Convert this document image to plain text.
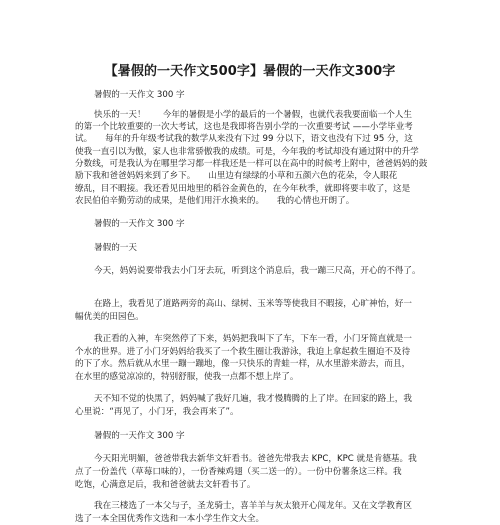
【暑假的一天作文500字】暑假的一天作文300字
暑假的一天作文 300 字
快乐的一天！　　今年的暑假是小学的最后的一个暑假，也就代表我要面临一个人生
的第一个比较重要的一次大考试，这也是我即将告别小学的一次重要考试 ——小学毕业考
试。　　每年的升年级考试我的数学从来没有下过 99 分以下，语文也没有下过 95 分，这
使我一直引以为傲，家人也非常骄傲我的成绩。可是，今年我的考试却没有通过附中的升学
分数线，可是我认为在哪里学习都一样我还是一样可以在高中的时候考上附中，爸爸妈妈的鼓
励下我和爸爸妈妈来到了乡下。　　山里边有绿绿的小草和五颜六色的花朵，令人眼花
缭乱，目不暇接。我还看见田地里的稻谷金黄色的，在今年秋季，就即将要丰收了，这是
农民伯伯辛勤劳动的成果，是他们用汗水换来的。　　我的心情也开朗了。
暑假的一天作文 300 字
暑假的一天
今天，妈妈说要带我去小门牙去玩，听到这个消息后，我一蹦三尺高，开心的不得了。
在路上，我看见了道路两旁的高山、绿树、玉米等等使我目不暇接，心旷神怡，好一
幅优美的田园色。
我正看的入神，车突然停了下来，妈妈把我叫下了车，下车一看，小门牙简直就是一
个水的世界。进了小门牙妈妈给我买了一个救生圈让我游泳，我迫上拿起救生圈迫不及待
的下了水。然后就从水里一蹦一蹦地，像一只快乐的青蛙一样，从水里游来游去，而且，
在水里的感觉凉凉的，特别舒服，使我一点都不想上岸了。
天不知不觉的快黑了，妈妈喊了我好几遍，我才慢腾腾的上了岸。在回家的路上，我
心里说：“再见了，小门牙，我会再来了”。
暑假的一天作文 300 字
今天阳光明媚，爸爸带我去新华文轩看书。爸爸先带我去 KPC，KPC 就是肯德基。我
点了一份盖代（草莓口味的），一份香辣鸡翅（买二送一的）。一份中份薯条这三样。我
吃饱，心满意足后，我和爸爸就去文轩看书了。
我在三楼选了一本父与子，圣龙骑士，喜羊羊与灰太狼开心闯龙年。又在文学教育区
选了一本全国优秀作文选和一本小学生作文大全。
